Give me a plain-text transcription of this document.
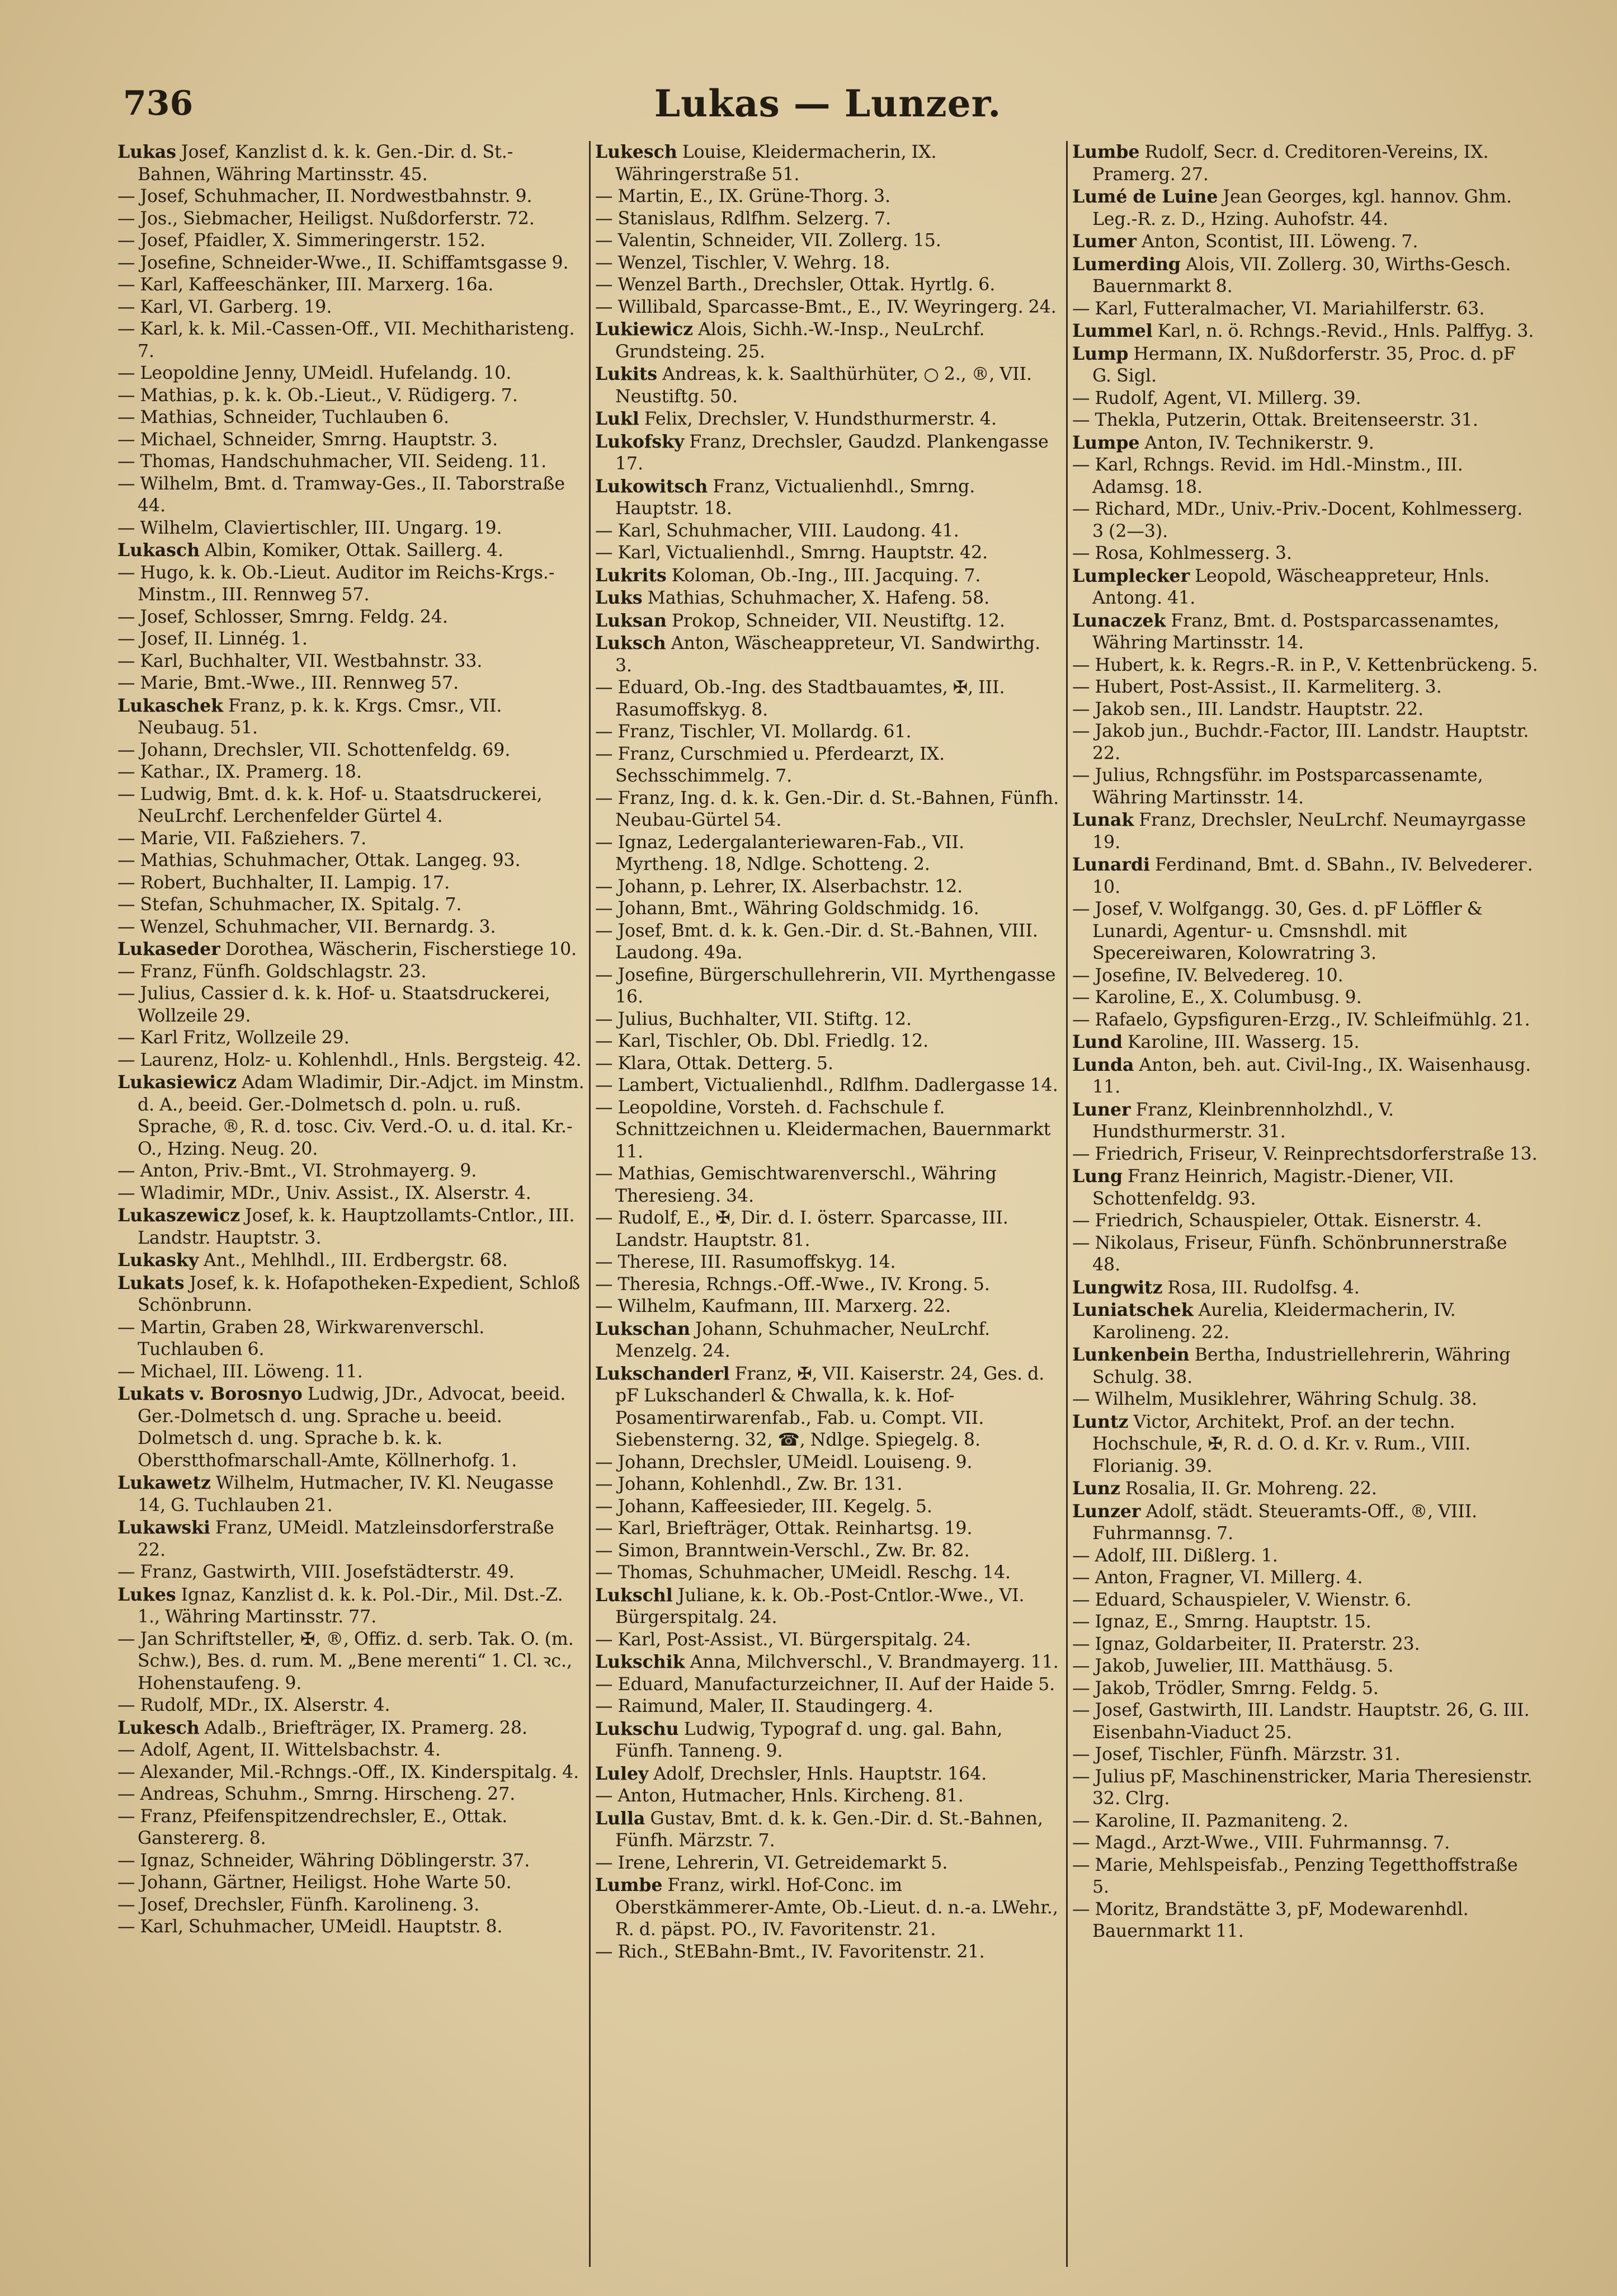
736	Lukas — Lunzer.
Lukas Josef, Kanzlist d. k. k. Gen.-Dir. d. St.-Bahnen, Währing Martinsstr. 45.
— Josef, Schuhmacher, II. Nordwestbahnstr. 9.
— Jos., Siebmacher, Heiligst. Nußdorferstr. 72.
— Josef, Pfaidler, X. Simmeringerstr. 152.
— Josefine, Schneider-Wwe., II. Schiffamtsgasse 9.
— Karl, Kaffeeschänker, III. Marxerg. 16a.
— Karl, VI. Garberg. 19.
— Karl, k. k. Mil.-Cassen-Off., VII. Mechitharisteng. 7.
— Leopoldine Jenny, UMeidl. Hufelandg. 10.
— Mathias, p. k. k. Ob.-Lieut., V. Rüdigerg. 7.
— Mathias, Schneider, Tuchlauben 6.
— Michael, Schneider, Smrng. Hauptstr. 3.
— Thomas, Handschuhmacher, VII. Seideng. 11.
— Wilhelm, Bmt. d. Tramway-Ges., II. Taborstraße 44.
— Wilhelm, Claviertischler, III. Ungarg. 19.
Lukasch Albin, Komiker, Ottak. Saillerg. 4.
— Hugo, k. k. Ob.-Lieut. Auditor im Reichs-Krgs.-Minstm., III. Rennweg 57.
— Josef, Schlosser, Smrng. Feldg. 24.
— Josef, II. Linnég. 1.
— Karl, Buchhalter, VII. Westbahnstr. 33.
— Marie, Bmt.-Wwe., III. Rennweg 57.
Lukaschek Franz, p. k. k. Krgs. Cmsr., VII. Neubaug. 51.
— Johann, Drechsler, VII. Schottenfeldg. 69.
— Kathar., IX. Pramerg. 18.
— Ludwig, Bmt. d. k. k. Hof- u. Staatsdruckerei, NeuLrchf. Lerchenfelder Gürtel 4.
— Marie, VII. Faßziehers. 7.
— Mathias, Schuhmacher, Ottak. Langeg. 93.
— Robert, Buchhalter, II. Lampig. 17.
— Stefan, Schuhmacher, IX. Spitalg. 7.
— Wenzel, Schuhmacher, VII. Bernardg. 3.
Lukaseder Dorothea, Wäscherin, Fischerstiege 10.
— Franz, Fünfh. Goldschlagstr. 23.
— Julius, Cassier d. k. k. Hof- u. Staatsdruckerei, Wollzeile 29.
— Karl Fritz, Wollzeile 29.
— Laurenz, Holz- u. Kohlenhdl., Hnls. Bergsteig. 42.
Lukasiewicz Adam Wladimir, Dir.-Adjct. im Minstm. d. A., beeid. Ger.-Dolmetsch d. poln. u. ruß. Sprache, ®, R. d. tosc. Civ. Verd.-O. u. d. ital. Kr.-O., Hzing. Neug. 20.
— Anton, Priv.-Bmt., VI. Strohmayerg. 9.
— Wladimir, MDr., Univ. Assist., IX. Alserstr. 4.
Lukaszewicz Josef, k. k. Hauptzollamts-Cntlor., III. Landstr. Hauptstr. 3.
Lukasky Ant., Mehlhdl., III. Erdbergstr. 68.
Lukats Josef, k. k. Hofapotheken-Expedient, Schloß Schönbrunn.
— Martin, Graben 28, Wirkwarenverschl. Tuchlauben 6.
— Michael, III. Löweng. 11.
Lukats v. Borosnyo Ludwig, JDr., Advocat, beeid. Ger.-Dolmetsch d. ung. Sprache u. beeid. Dolmetsch d. ung. Sprache b. k. k. Oberstthofmarschall-Amte, Köllnerhofg. 1.
Lukawetz Wilhelm, Hutmacher, IV. Kl. Neugasse 14, G. Tuchlauben 21.
Lukawski Franz, UMeidl. Matzleinsdorferstraße 22.
— Franz, Gastwirth, VIII. Josefstädterstr. 49.
Lukes Ignaz, Kanzlist d. k. k. Pol.-Dir., Mil. Dst.-Z. 1., Währing Martinsstr. 77.
— Jan Schriftsteller, ✠, ®, Offiz. d. serb. Tak. O. (m. Schw.), Bes. d. rum. M. „Bene merenti“ 1. Cl. ꝛc., Hohenstaufeng. 9.
— Rudolf, MDr., IX. Alserstr. 4.
Lukesch Adalb., Briefträger, IX. Pramerg. 28.
— Adolf, Agent, II. Wittelsbachstr. 4.
— Alexander, Mil.-Rchngs.-Off., IX. Kinderspitalg. 4.
— Andreas, Schuhm., Smrng. Hirscheng. 27.
— Franz, Pfeifenspitzendrechsler, E., Ottak. Ganstererg. 8.
— Ignaz, Schneider, Währing Döblingerstr. 37.
— Johann, Gärtner, Heiligst. Hohe Warte 50.
— Josef, Drechsler, Fünfh. Karolineng. 3.
— Karl, Schuhmacher, UMeidl. Hauptstr. 8.
Lukesch Louise, Kleidermacherin, IX. Währingerstraße 51.
— Martin, E., IX. Grüne-Thorg. 3.
— Stanislaus, Rdlfhm. Selzerg. 7.
— Valentin, Schneider, VII. Zollerg. 15.
— Wenzel, Tischler, V. Wehrg. 18.
— Wenzel Barth., Drechsler, Ottak. Hyrtlg. 6.
— Willibald, Sparcasse-Bmt., E., IV. Weyringerg. 24.
Lukiewicz Alois, Sichh.-W.-Insp., NeuLrchf. Grundsteing. 25.
Lukits Andreas, k. k. Saalthürhüter, ○ 2., ®, VII. Neustiftg. 50.
Lukl Felix, Drechsler, V. Hundsthurmerstr. 4.
Lukofsky Franz, Drechsler, Gaudzd. Plankengasse 17.
Lukowitsch Franz, Victualienhdl., Smrng. Hauptstr. 18.
— Karl, Schuhmacher, VIII. Laudong. 41.
— Karl, Victualienhdl., Smrng. Hauptstr. 42.
Lukrits Koloman, Ob.-Ing., III. Jacquing. 7.
Luks Mathias, Schuhmacher, X. Hafeng. 58.
Luksan Prokop, Schneider, VII. Neustiftg. 12.
Luksch Anton, Wäscheappreteur, VI. Sandwirthg. 3.
— Eduard, Ob.-Ing. des Stadtbauamtes, ✠, III. Rasumoffskyg. 8.
— Franz, Tischler, VI. Mollardg. 61.
— Franz, Curschmied u. Pferdearzt, IX. Sechsschimmelg. 7.
— Franz, Ing. d. k. k. Gen.-Dir. d. St.-Bahnen, Fünfh. Neubau-Gürtel 54.
— Ignaz, Ledergalanteriewaren-Fab., VII. Myrtheng. 18, Ndlge. Schotteng. 2.
— Johann, p. Lehrer, IX. Alserbachstr. 12.
— Johann, Bmt., Währing Goldschmidg. 16.
— Josef, Bmt. d. k. k. Gen.-Dir. d. St.-Bahnen, VIII. Laudong. 49a.
— Josefine, Bürgerschullehrerin, VII. Myrthengasse 16.
— Julius, Buchhalter, VII. Stiftg. 12.
— Karl, Tischler, Ob. Dbl. Friedlg. 12.
— Klara, Ottak. Detterg. 5.
— Lambert, Victualienhdl., Rdlfhm. Dadlergasse 14.
— Leopoldine, Vorsteh. d. Fachschule f. Schnittzeichnen u. Kleidermachen, Bauernmarkt 11.
— Mathias, Gemischtwarenverschl., Währing Theresieng. 34.
— Rudolf, E., ✠, Dir. d. I. österr. Sparcasse, III. Landstr. Hauptstr. 81.
— Therese, III. Rasumoffskyg. 14.
— Theresia, Rchngs.-Off.-Wwe., IV. Krong. 5.
— Wilhelm, Kaufmann, III. Marxerg. 22.
Lukschan Johann, Schuhmacher, NeuLrchf. Menzelg. 24.
Lukschanderl Franz, ✠, VII. Kaiserstr. 24, Ges. d. pF Lukschanderl & Chwalla, k. k. Hof-Posamentirwarenfab., Fab. u. Compt. VII. Siebensterng. 32, ☎, Ndlge. Spiegelg. 8.
— Johann, Drechsler, UMeidl. Louiseng. 9.
— Johann, Kohlenhdl., Zw. Br. 131.
— Johann, Kaffeesieder, III. Kegelg. 5.
— Karl, Briefträger, Ottak. Reinhartsg. 19.
— Simon, Branntwein-Verschl., Zw. Br. 82.
— Thomas, Schuhmacher, UMeidl. Reschg. 14.
Lukschl Juliane, k. k. Ob.-Post-Cntlor.-Wwe., VI. Bürgerspitalg. 24.
— Karl, Post-Assist., VI. Bürgerspitalg. 24.
Lukschik Anna, Milchverschl., V. Brandmayerg. 11.
— Eduard, Manufacturzeichner, II. Auf der Haide 5.
— Raimund, Maler, II. Staudingerg. 4.
Lukschu Ludwig, Typograf d. ung. gal. Bahn, Fünfh. Tanneng. 9.
Luley Adolf, Drechsler, Hnls. Hauptstr. 164.
— Anton, Hutmacher, Hnls. Kircheng. 81.
Lulla Gustav, Bmt. d. k. k. Gen.-Dir. d. St.-Bahnen, Fünfh. Märzstr. 7.
— Irene, Lehrerin, VI. Getreidemarkt 5.
Lumbe Franz, wirkl. Hof-Conc. im Oberstkämmerer-Amte, Ob.-Lieut. d. n.-a. LWehr., R. d. päpst. PO., IV. Favoritenstr. 21.
— Rich., StEBahn-Bmt., IV. Favoritenstr. 21.
Lumbe Rudolf, Secr. d. Creditoren-Vereins, IX. Pramerg. 27.
Lumé de Luine Jean Georges, kgl. hannov. Ghm. Leg.-R. z. D., Hzing. Auhofstr. 44.
Lumer Anton, Scontist, III. Löweng. 7.
Lumerding Alois, VII. Zollerg. 30, Wirths-Gesch. Bauernmarkt 8.
— Karl, Futteralmacher, VI. Mariahilferstr. 63.
Lummel Karl, n. ö. Rchngs.-Revid., Hnls. Palffyg. 3.
Lump Hermann, IX. Nußdorferstr. 35, Proc. d. pF G. Sigl.
— Rudolf, Agent, VI. Millerg. 39.
— Thekla, Putzerin, Ottak. Breitenseerstr. 31.
Lumpe Anton, IV. Technikerstr. 9.
— Karl, Rchngs. Revid. im Hdl.-Minstm., III. Adamsg. 18.
— Richard, MDr., Univ.-Priv.-Docent, Kohlmesserg. 3 (2—3).
— Rosa, Kohlmesserg. 3.
Lumplecker Leopold, Wäscheappreteur, Hnls. Antong. 41.
Lunaczek Franz, Bmt. d. Postsparcassenamtes, Währing Martinsstr. 14.
— Hubert, k. k. Regrs.-R. in P., V. Kettenbrückeng. 5.
— Hubert, Post-Assist., II. Karmeliterg. 3.
— Jakob sen., III. Landstr. Hauptstr. 22.
— Jakob jun., Buchdr.-Factor, III. Landstr. Hauptstr. 22.
— Julius, Rchngsführ. im Postsparcassenamte, Währing Martinsstr. 14.
Lunak Franz, Drechsler, NeuLrchf. Neumayrgasse 19.
Lunardi Ferdinand, Bmt. d. SBahn., IV. Belvederег. 10.
— Josef, V. Wolfgangg. 30, Ges. d. pF Löffler & Lunardi, Agentur- u. Cmsnshdl. mit Specereiwaren, Kolowratring 3.
— Josefine, IV. Belvedereg. 10.
— Karoline, E., X. Columbusg. 9.
— Rafaelo, Gypsfiguren-Erzg., IV. Schleifmühlg. 21.
Lund Karoline, III. Wasserg. 15.
Lunda Anton, beh. aut. Civil-Ing., IX. Waisenhausg. 11.
Luner Franz, Kleinbrennholzhdl., V. Hundsthurmerstr. 31.
— Friedrich, Friseur, V. Reinprechtsdorferstraße 13.
Lung Franz Heinrich, Magistr.-Diener, VII. Schottenfeldg. 93.
— Friedrich, Schauspieler, Ottak. Eisnerstr. 4.
— Nikolaus, Friseur, Fünfh. Schönbrunnerstraße 48.
Lungwitz Rosa, III. Rudolfsg. 4.
Luniatschek Aurelia, Kleidermacherin, IV. Karolineng. 22.
Lunkenbein Bertha, Industriellehrerin, Währing Schulg. 38.
— Wilhelm, Musiklehrer, Währing Schulg. 38.
Luntz Victor, Architekt, Prof. an der techn. Hochschule, ✠, R. d. O. d. Kr. v. Rum., VIII. Florianig. 39.
Lunz Rosalia, II. Gr. Mohreng. 22.
Lunzer Adolf, städt. Steueramts-Off., ®, VIII. Fuhrmannsg. 7.
— Adolf, III. Dißlerg. 1.
— Anton, Fragner, VI. Millerg. 4.
— Eduard, Schauspieler, V. Wienstr. 6.
— Ignaz, E., Smrng. Hauptstr. 15.
— Ignaz, Goldarbeiter, II. Praterstr. 23.
— Jakob, Juwelier, III. Matthäusg. 5.
— Jakob, Trödler, Smrng. Feldg. 5.
— Josef, Gastwirth, III. Landstr. Hauptstr. 26, G. III. Eisenbahn-Viaduct 25.
— Josef, Tischler, Fünfh. Märzstr. 31.
— Julius pF, Maschinenstricker, Maria Theresienstr. 32. Clrg.
— Karoline, II. Pazmaniteng. 2.
— Magd., Arzt-Wwe., VIII. Fuhrmannsg. 7.
— Marie, Mehlspeisfab., Penzing Tegetthoffstraße 5.
— Moritz, Brandstätte 3, pF, Modewarenhdl. Bauernmarkt 11.
